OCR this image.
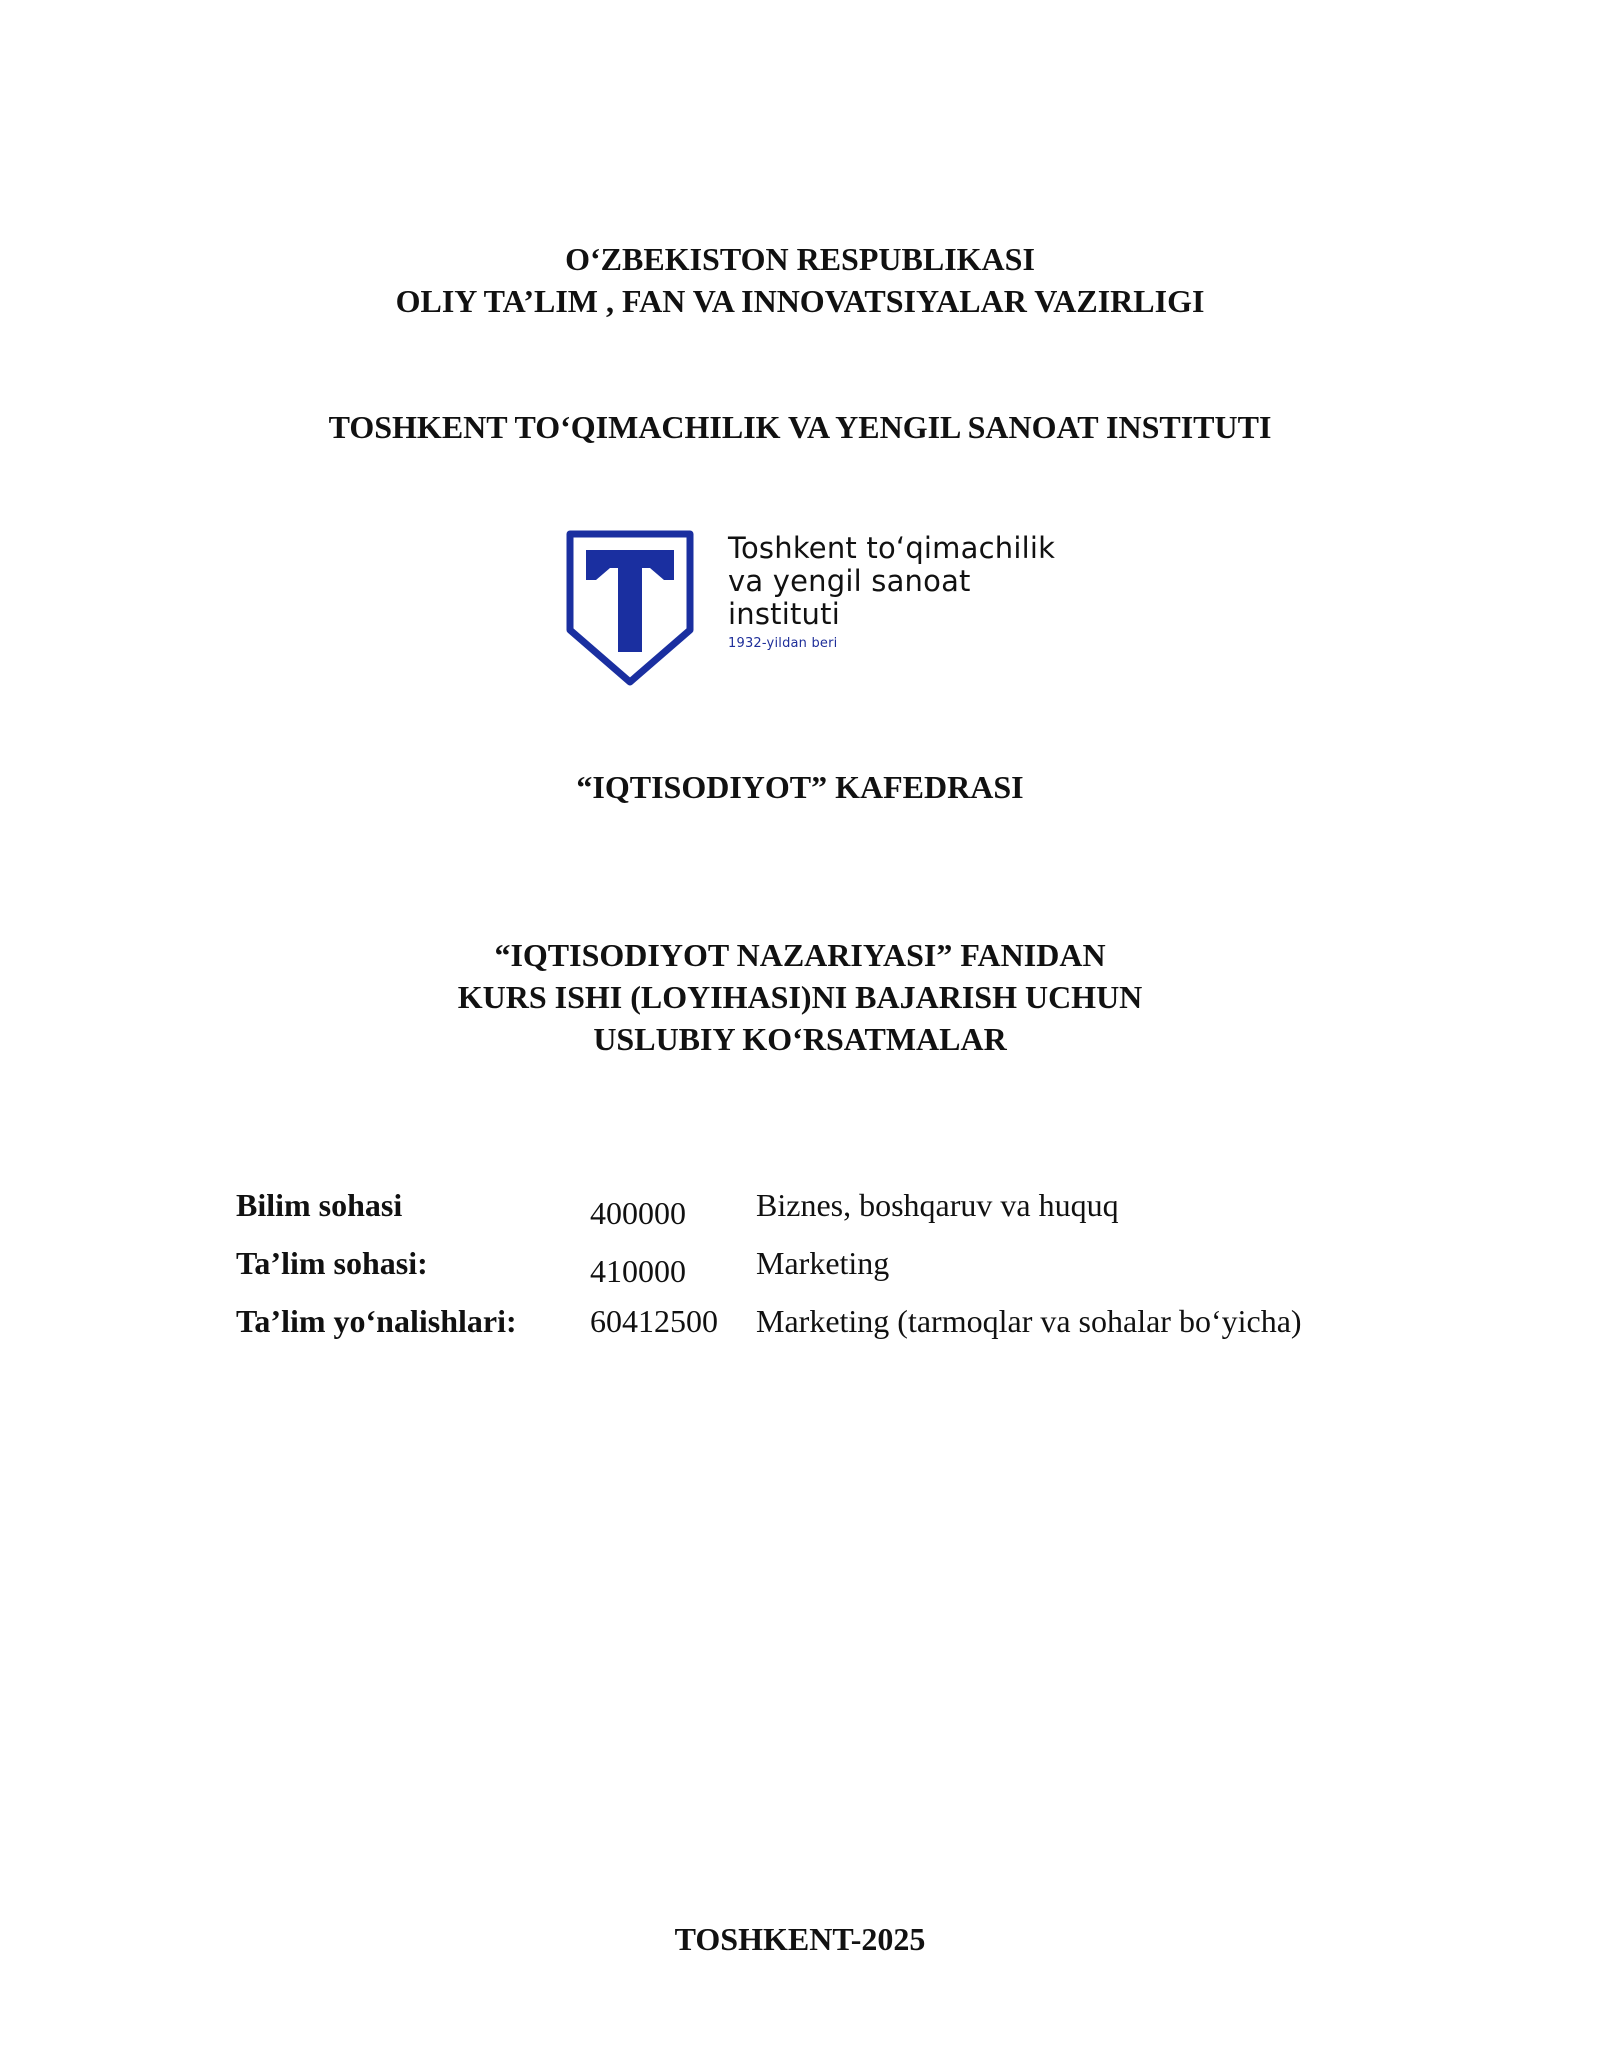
O‘ZBEKISTON RESPUBLIKASI
OLIY TA’LIM , FAN VA INNOVATSIYALAR VAZIRLIGI
TOSHKENT TO‘QIMACHILIK VA YENGIL SANOAT INSTITUTI
Toshkent to‘qimachilik
va yengil sanoat
instituti
1932-yildan beri
“IQTISODIYOT” KAFEDRASI
“IQTISODIYOT NAZARIYASI” FANIDAN
KURS ISHI (LOYIHASI)NI BAJARISH UCHUN
USLUBIY KO‘RSATMALAR
Bilim sohasi	400000 Biznes, boshqaruv va huquq
Ta’lim sohasi:	410000 Marketing
Ta’lim yo‘nalishlari: 60412500 Marketing (tarmoqlar va sohalar bo‘yicha)
TOSHKENT-2025
